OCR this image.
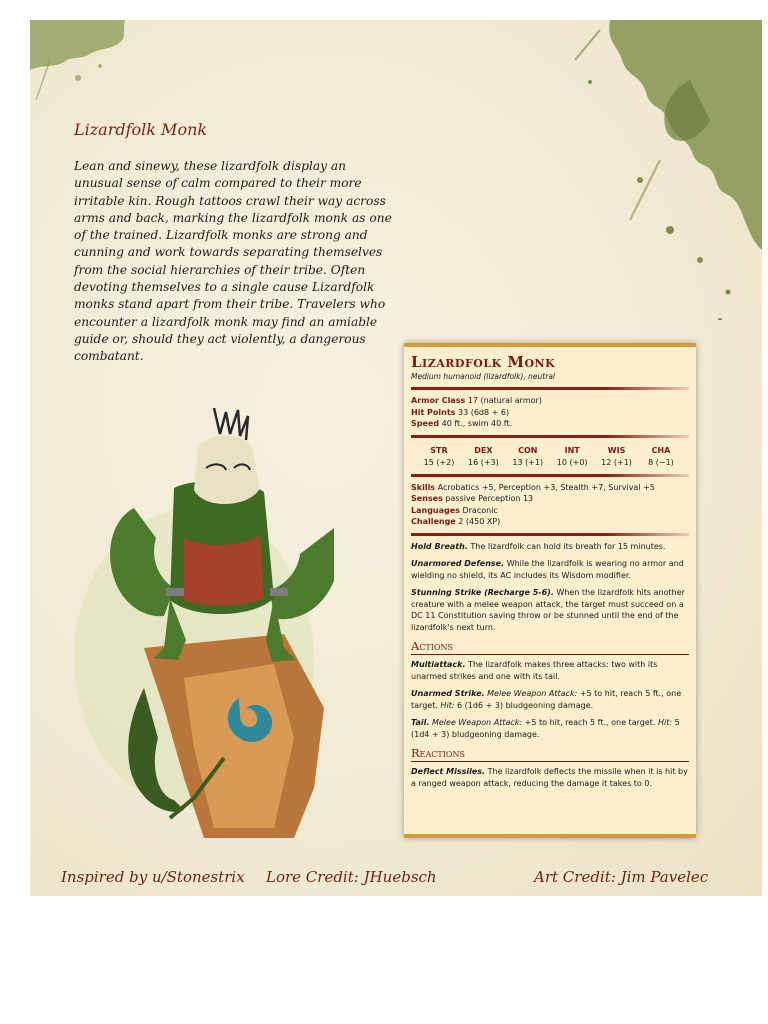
Lizardfolk Monk

Lean and sinewy, these lizardfolk display an unusual sense of calm compared to their more irritable kin. Rough tattoos crawl their way across arms and back, marking the lizardfolk monk as one of the trained. Lizardfolk monks are strong and cunning and work towards separating themselves from the social hierarchies of their tribe. Often devoting themselves to a single cause Lizardfolk monks stand apart from their tribe. Travelers who encounter a lizardfolk monk may find an amiable guide or, should they act violently, a dangerous combatant.	Lizardfolk Monk

Medium humanoid (lizardfolk), neutral

Armor Class 17 (natural armor)

Hit Points 33 (6d8 + 6)

Speed 40 ft., swim 40 ft.

STR
15 (+2)
DEX
16 (+3)
CON
13 (+1)
INT
10 (+0)
WIS
12 (+1)
CHA
8 (−1)

Skills Acrobatics +5, Perception +3, Stealth +7, Survival +5

Senses passive Perception 13

Languages Draconic

Challenge 2 (450 XP)

Hold Breath. The lizardfolk can hold its breath for 15 minutes.

Unarmored Defense. While the lizardfolk is wearing no armor and wielding no shield, its AC includes its Wisdom modifier.

Stunning Strike (Recharge 5-6). When the lizardfolk hits another creature with a melee weapon attack, the target must succeed on a DC 11 Constitution saving throw or be stunned until the end of the lizardfolk's next turn.

Actions

Multiattack. The lizardfolk makes three attacks: two with its unarmed strikes and one with its tail.

Unarmed Strike. Melee Weapon Attack: +5 to hit, reach 5 ft., one target. Hit: 6 (1d6 + 3) bludgeoning damage.

Tail. Melee Weapon Attack: +5 to hit, reach 5 ft., one target. Hit: 5 (1d4 + 3) bludgeoning damage.

Reactions

Deflect Missiles. The lizardfolk deflects the missile when it is hit by a ranged weapon attack, reducing the damage it takes to 0.

Inspired by u/Stonestrix Lore Credit: JHuebsch	Art Credit: Jim Pavelec
